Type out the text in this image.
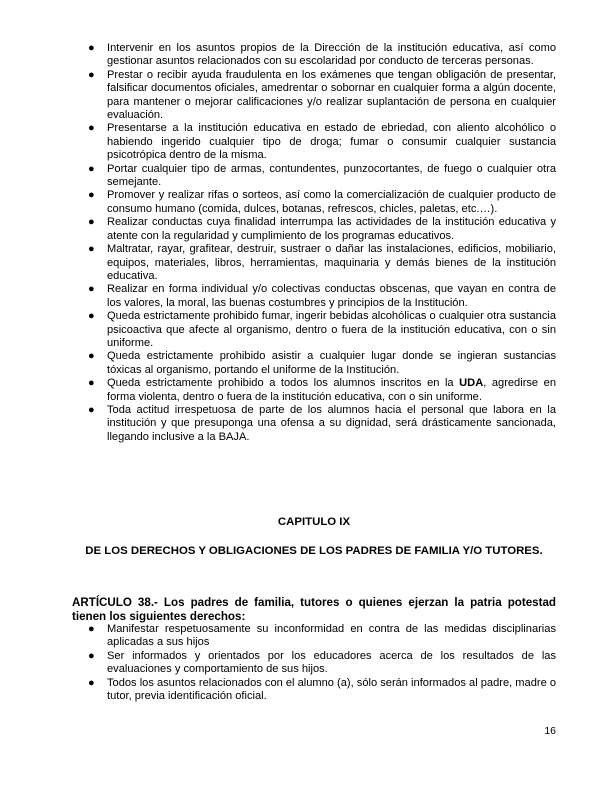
● Intervenir en los asuntos propios de la Dirección de la institución educativa, así como gestionar asuntos relacionados con su escolaridad por conducto de terceras personas.
● Prestar o recibir ayuda fraudulenta en los exámenes que tengan obligación de presentar, falsificar documentos oficiales, amedrentar o sobornar en cualquier forma a algún docente, para mantener o mejorar calificaciones y/o realizar suplantación de persona en cualquier evaluación.
● Presentarse a la institución educativa en estado de ebriedad, con aliento alcohólico o habiendo ingerido cualquier tipo de droga; fumar o consumir cualquier sustancia psicotrópica dentro de la misma.
● Portar cualquier tipo de armas, contundentes, punzocortantes, de fuego o cualquier otra semejante.
● Promover y realizar rifas o sorteos, así como la comercialización de cualquier producto de consumo humano (comida, dulces, botanas, refrescos, chicles, paletas, etc.…).
● Realizar conductas cuya finalidad interrumpa las actividades de la institución educativa y atente con la regularidad y cumplimiento de los programas educativos.
● Maltratar, rayar, grafitear, destruir, sustraer o dañar las instalaciones, edificios, mobiliario, equipos, materiales, libros, herramientas, maquinaria y demás bienes de la institución educativa.
● Realizar en forma individual y/o colectivas conductas obscenas, que vayan en contra de los valores, la moral, las buenas costumbres y principios de la Institución.
● Queda estrictamente prohibido fumar, ingerir bebidas alcohólicas o cualquier otra sustancia psicoactiva que afecte al organismo, dentro o fuera de la institución educativa, con o sin uniforme.
● Queda estrictamente prohibido asistir a cualquier lugar donde se ingieran sustancias tóxicas al organismo, portando el uniforme de la Institución.
● Queda estrictamente prohibido a todos los alumnos inscritos en la UDA, agredirse en forma violenta, dentro o fuera de la institución educativa, con o sin uniforme.
● Toda actitud irrespetuosa de parte de los alumnos hacia el personal que labora en la institución y que presuponga una ofensa a su dignidad, será drásticamente sancionada, llegando inclusive a la BAJA.
CAPITULO IX
DE LOS DERECHOS Y OBLIGACIONES DE LOS PADRES DE FAMILIA Y/O TUTORES.
ARTÍCULO 38.- Los padres de familia, tutores o quienes ejerzan la patria potestad tienen los siguientes derechos:
● Manifestar respetuosamente su inconformidad en contra de las medidas disciplinarias aplicadas a sus hijos
● Ser informados y orientados por los educadores acerca de los resultados de las evaluaciones y comportamiento de sus hijos.
● Todos los asuntos relacionados con el alumno (a), sólo serán informados al padre, madre o tutor, previa identificación oficial.
16
